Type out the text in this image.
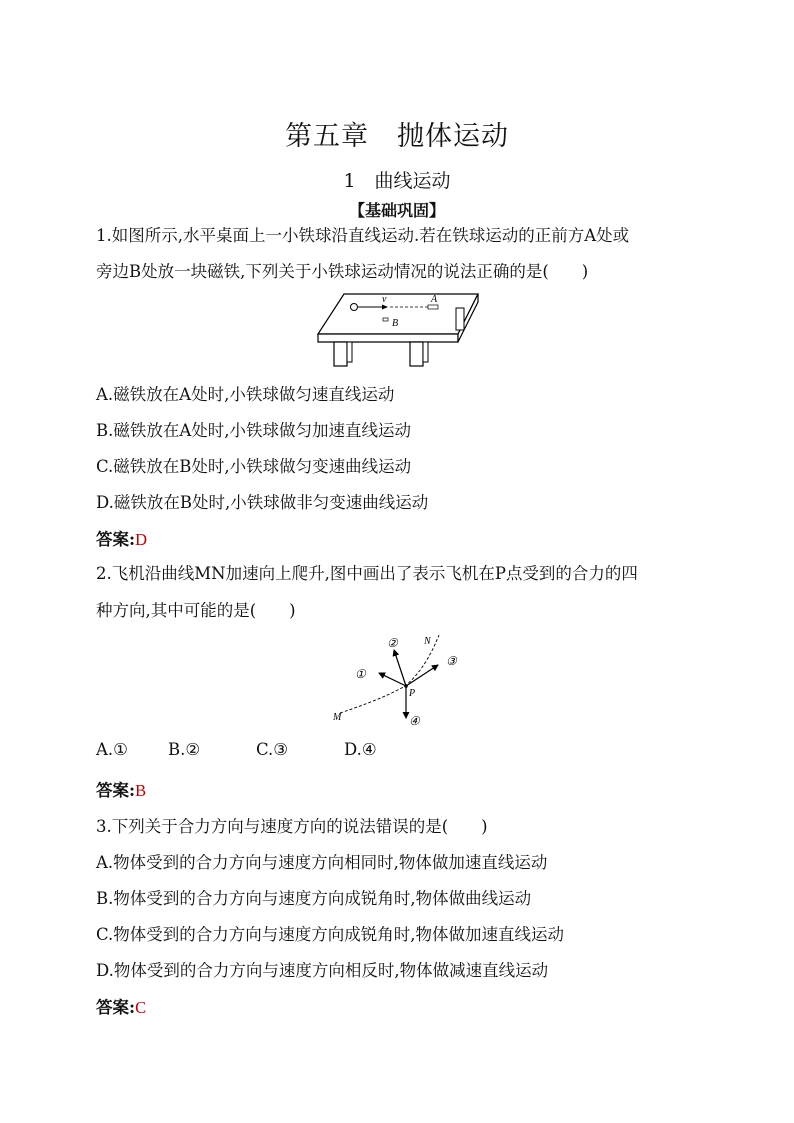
第五章　抛体运动
1　曲线运动
【基础巩固】
1.如图所示,水平桌面上一小铁球沿直线运动.若在铁球运动的正前方A处或
旁边B处放一块磁铁,下列关于小铁球运动情况的说法正确的是(　　)
v	A
B
A.磁铁放在A处时,小铁球做匀速直线运动
B.磁铁放在A处时,小铁球做匀加速直线运动
C.磁铁放在B处时,小铁球做匀变速曲线运动
D.磁铁放在B处时,小铁球做非匀变速曲线运动
答案:D
2.飞机沿曲线MN加速向上爬升,图中画出了表示飞机在P点受到的合力的四
种方向,其中可能的是(　　)
①
②
③
④
N
M
P
A.① B.②	C.③	D.④
答案:B
3.下列关于合力方向与速度方向的说法错误的是(　　)
A.物体受到的合力方向与速度方向相同时,物体做加速直线运动
B.物体受到的合力方向与速度方向成锐角时,物体做曲线运动
C.物体受到的合力方向与速度方向成锐角时,物体做加速直线运动
D.物体受到的合力方向与速度方向相反时,物体做减速直线运动
答案:C
